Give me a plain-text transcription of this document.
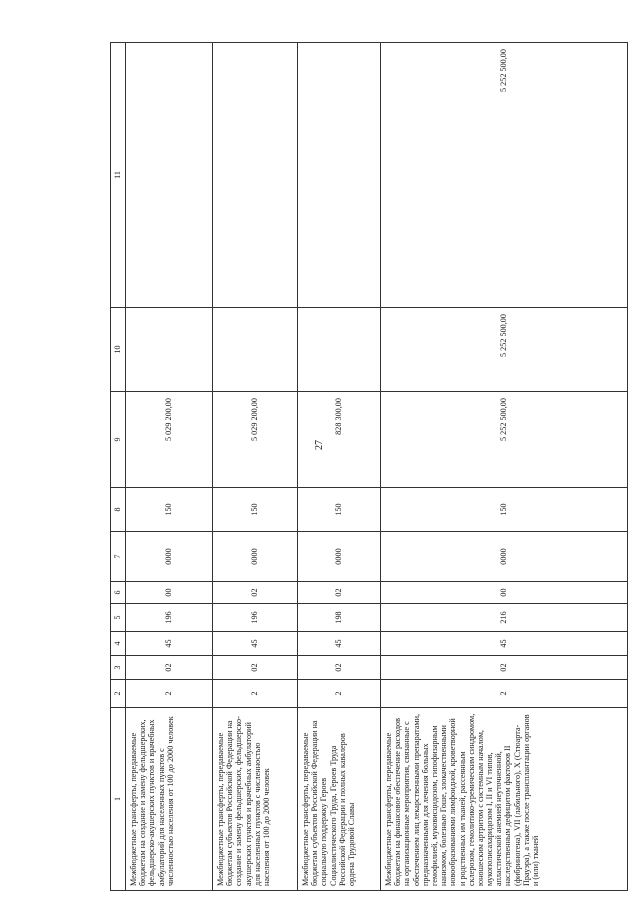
27
1	2	3	4	5	6	7	8	9	10	11
Межбюджетные трансферты, передаваемые бюджетам на создание и замену фельдшерских, фельдшерско-акушерских пунктов и врачебных амбулаторий для населенных пунктов с численностью населения от 100 до 2000 человек	2	02	45	196	00	0000	150	5 029 200,00		
Межбюджетные трансферты, передаваемые бюджетам субъектов Российской Федерации на создание и замену фельдшерских, фельдшерско-акушерских пунктов и врачебных амбулаторий для населенных пунктов с численностью населения от 100 до 2000 человек	2	02	45	196	02	0000	150	5 029 200,00		
Межбюджетные трансферты, передаваемые бюджетам субъектов Российской Федерации на социальную поддержку Героев Социалистического Труда, Героев Труда Российской Федерации и полных кавалеров ордена Трудовой Славы	2	02	45	198	02	0000	150	828 300,00		
Межбюджетные трансферты, передаваемые бюджетам на финансовое обеспечение расходов на организационные мероприятия, связанные с обеспечением лиц лекарственными препаратами, предназначенными для лечения больных гемофилией, муковисцидозом, гипофизарным нанизмом, болезнью Гоше, злокачественными новообразованиями лимфоидной, кроветворной и родственных им тканей, рассеянным склерозом, гемолитико-уремическим синдромом, юношеским артритом с системным началом, мукополисахаридозом I, II и VI типов, апластической анемией неуточненной, наследственным дефицитом факторов II (фибриногена), VII (лабильного), X (Стюарта-Прауэра), а также после трансплантации органов и (или) тканей	2	02	45	216	00	0000	150	5 252 500,00	5 252 500,00	5 252 500,00
